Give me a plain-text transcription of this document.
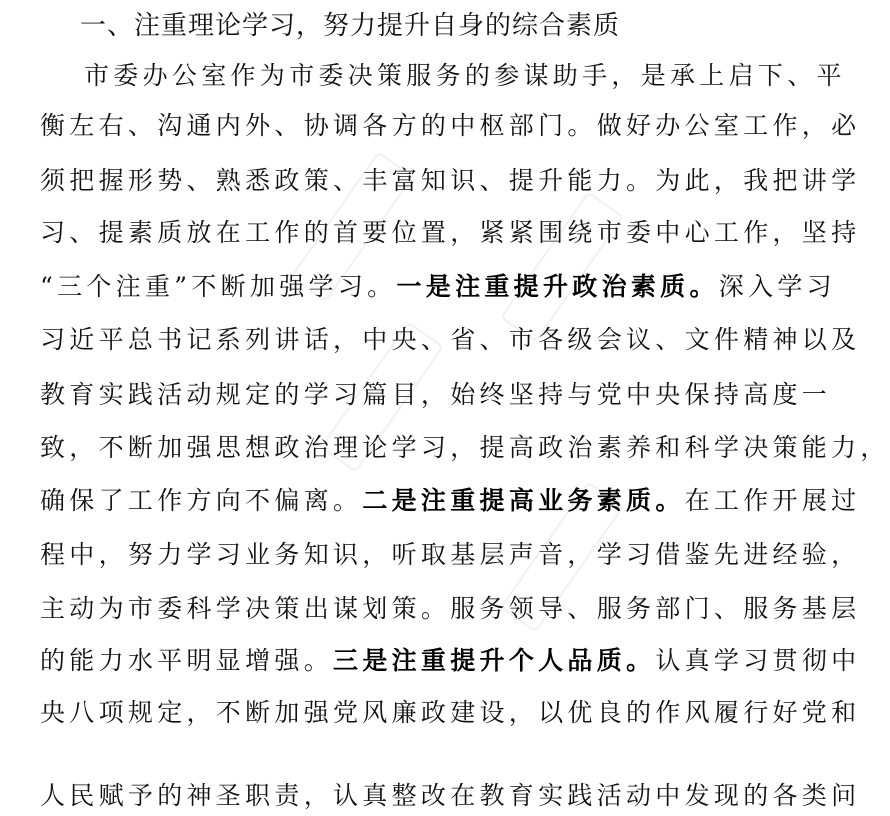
一、注重理论学习，努力提升自身的综合素质
市委办公室作为市委决策服务的参谋助手，是承上启下、平
衡左右、沟通内外、协调各方的中枢部门。做好办公室工作，必
须把握形势、熟悉政策、丰富知识、提升能力。为此，我把讲学
习、提素质放在工作的首要位置，紧紧围绕市委中心工作，坚持
“三个注重”不断加强学习。一是注重提升政治素质。深入学习
习近平总书记系列讲话，中央、省、市各级会议、文件精神以及
教育实践活动规定的学习篇目，始终坚持与党中央保持高度一
致，不断加强思想政治理论学习，提高政治素养和科学决策能力，
确保了工作方向不偏离。二是注重提高业务素质。在工作开展过
程中，努力学习业务知识，听取基层声音，学习借鉴先进经验，
主动为市委科学决策出谋划策。服务领导、服务部门、服务基层
的能力水平明显增强。三是注重提升个人品质。认真学习贯彻中
央八项规定，不断加强党风廉政建设，以优良的作风履行好党和
人民赋予的神圣职责，认真整改在教育实践活动中发现的各类问
